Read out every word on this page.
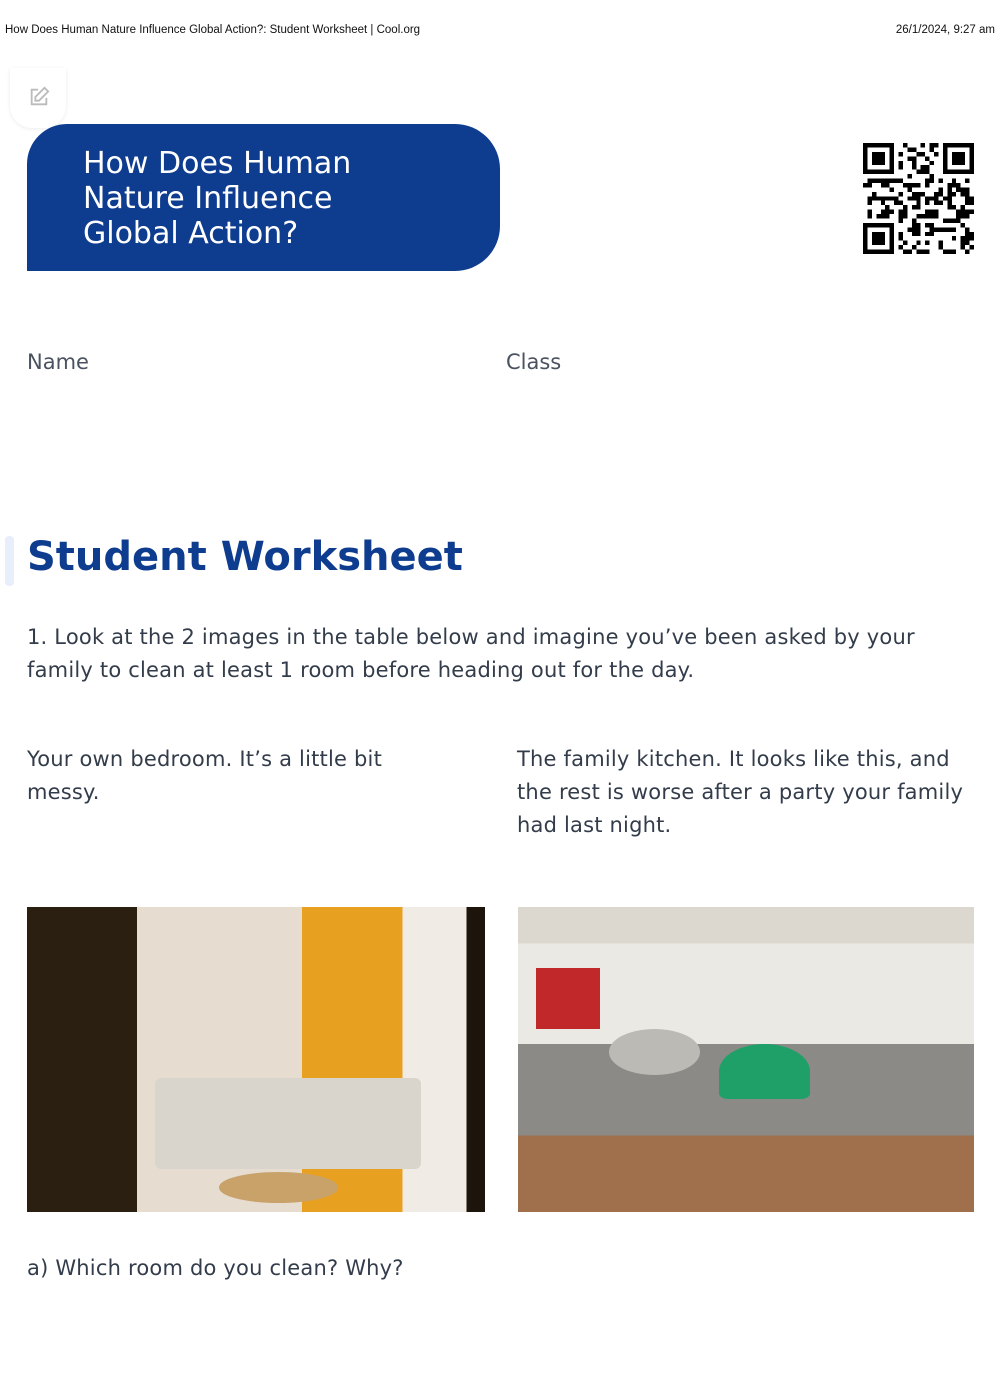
How Does Human Nature Influence Global Action?: Student Worksheet | Cool.org	26/1/2024, 9:27 am
How Does Human Nature Influence Global Action?
Name	Class
Student Worksheet
1. Look at the 2 images in the table below and imagine you’ve been asked by your family to clean at least 1 room before heading out for the day.
Your own bedroom. It’s a little bit messy.
The family kitchen. It looks like this, and the rest is worse after a party your family had last night.
a) Which room do you clean? Why?
